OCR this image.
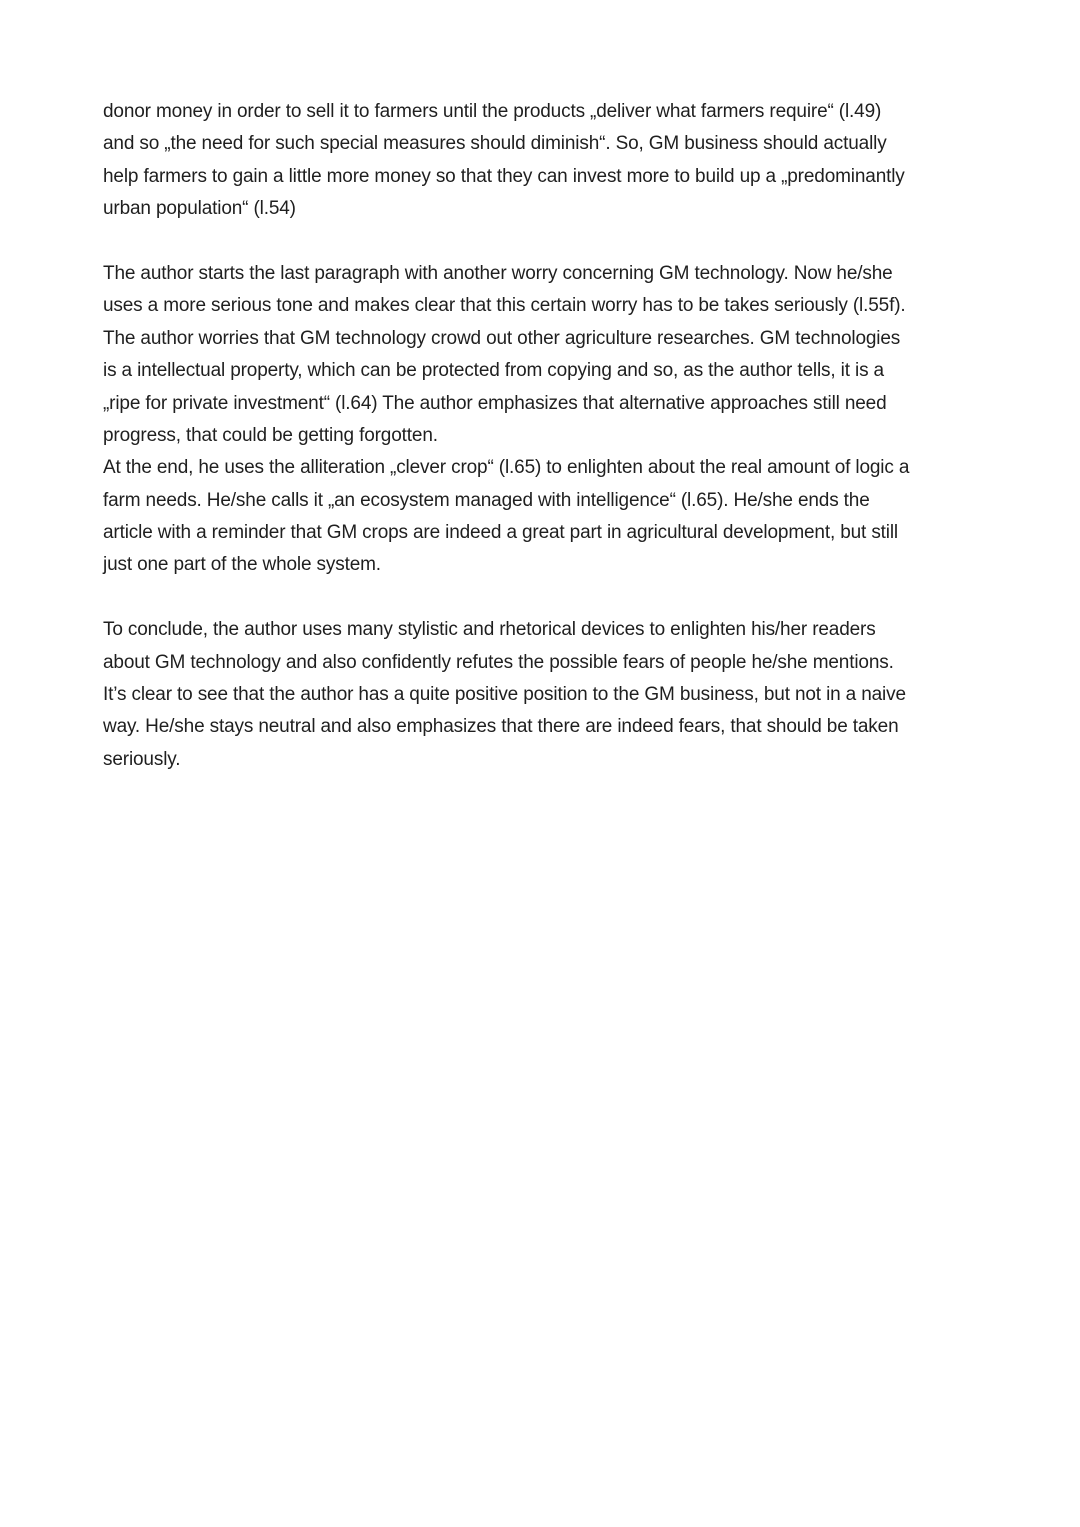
donor money in order to sell it to farmers until the products „deliver what farmers require“ (l.49)
and so „the need for such special measures should diminish“. So, GM business should actually
help farmers to gain a little more money so that they can invest more to build up a „predominantly
urban population“ (l.54)

The author starts the last paragraph with another worry concerning GM technology. Now he/she
uses a more serious tone and makes clear that this certain worry has to be takes seriously (l.55f).
The author worries that GM technology crowd out other agriculture researches. GM technologies
is a intellectual property, which can be protected from copying and so, as the author tells, it is a
„ripe for private investment“ (l.64) The author emphasizes that alternative approaches still need
progress, that could be getting forgotten.
At the end, he uses the alliteration „clever crop“ (l.65) to enlighten about the real amount of logic a
farm needs. He/she calls it „an ecosystem managed with intelligence“ (l.65). He/she ends the
article with a reminder that GM crops are indeed a great part in agricultural development, but still
just one part of the whole system.

To conclude, the author uses many stylistic and rhetorical devices to enlighten his/her readers
about GM technology and also confidently refutes the possible fears of people he/she mentions.
It’s clear to see that the author has a quite positive position to the GM business, but not in a naive
way. He/she stays neutral and also emphasizes that there are indeed fears, that should be taken
seriously.
